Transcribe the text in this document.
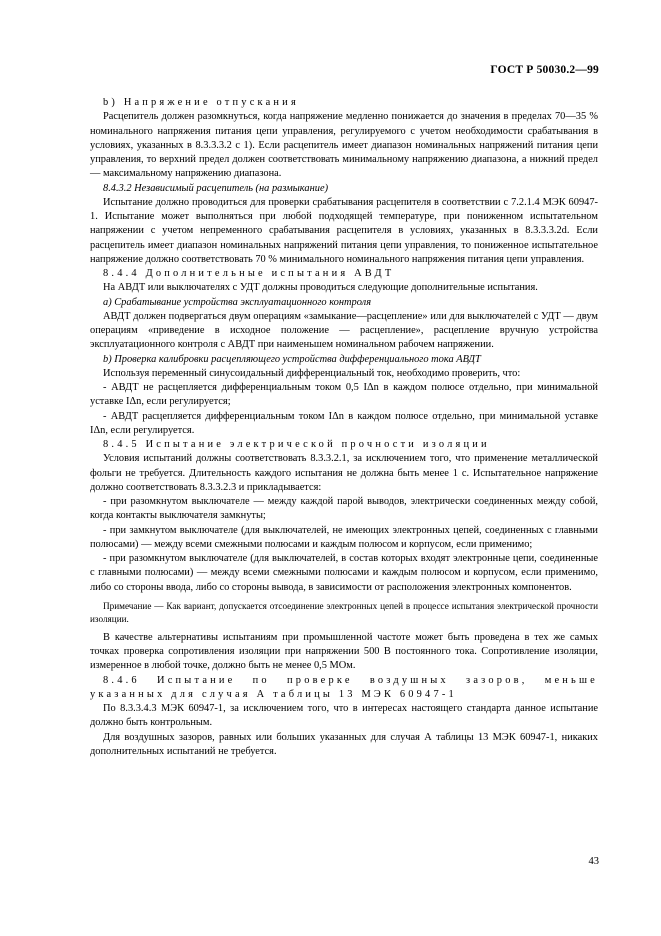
ГОСТ Р 50030.2—99

b) Напряжение отпускания

Расцепитель должен разомкнуться, когда напряжение медленно понижается до значения в пределах 70—35 % номинального напряжения питания цепи управления, регулируемого с учетом необходимости срабатывания в условиях, указанных в 8.3.3.3.2 с 1). Если расцепитель имеет диапазон номинальных напряжений питания цепи управления, то верхний предел должен соответствовать минимальному напряжению диапазона, а нижний предел — максимальному напряжению диапазона.

8.4.3.2 Независимый расцепитель (на размыкание)

Испытание должно проводиться для проверки срабатывания расцепителя в соответствии с 7.2.1.4 МЭК 60947-1. Испытание может выполняться при любой подходящей температуре, при пониженном испытательном напряжении с учетом непременного срабатывания расцепителя в условиях, указанных в 8.3.3.3.2d. Если расцепитель имеет диапазон номинальных напряжений питания цепи управления, то пониженное испытательное напряжение должно соответствовать 70 % минимального номинального напряжения питания цепи управления.

8.4.4 Дополнительные испытания АВДТ

На АВДТ или выключателях с УДТ должны проводиться следующие дополнительные испытания.

а) Срабатывание устройства эксплуатационного контроля

АВДТ должен подвергаться двум операциям «замыкание—расцепление» или для выключателей с УДТ — двум операциям «приведение в исходное положение — расцепление», расцепление вручную устройства эксплуатационного контроля с АВДТ при наименьшем номинальном рабочем напряжении.

b) Проверка калибровки расцепляющего устройства дифференциального тока АВДТ

Используя переменный синусоидальный дифференциальный ток, необходимо проверить, что:

- АВДТ не расцепляется дифференциальным током 0,5 IΔn в каждом полюсе отдельно, при минимальной уставке IΔn, если регулируется;

- АВДТ расцепляется дифференциальным током IΔn в каждом полюсе отдельно, при минимальной уставке IΔn, если регулируется.

8.4.5 Испытание электрической прочности изоляции

Условия испытаний должны соответствовать 8.3.3.2.1, за исключением того, что применение металлической фольги не требуется. Длительность каждого испытания не должна быть менее 1 с. Испытательное напряжение должно соответствовать 8.3.3.2.3 и прикладывается:

- при разомкнутом выключателе — между каждой парой выводов, электрически соединенных между собой, когда контакты выключателя замкнуты;

- при замкнутом выключателе (для выключателей, не имеющих электронных цепей, соединенных с главными полюсами) — между всеми смежными полюсами и каждым полюсом и корпусом, если применимо;

- при разомкнутом выключателе (для выключателей, в состав которых входят электронные цепи, соединенные с главными полюсами) — между всеми смежными полюсами и каждым полюсом и корпусом, если применимо, либо со стороны ввода, либо со стороны вывода, в зависимости от расположения электронных компонентов.

Примечание — Как вариант, допускается отсоединение электронных цепей в процессе испытания электрической прочности изоляции.

В качестве альтернативы испытаниям при промышленной частоте может быть проведена в тех же самых точках проверка сопротивления изоляции при напряжении 500 В постоянного тока. Сопротивление изоляции, измеренное в любой точке, должно быть не менее 0,5 МОм.

8.4.6 Испытание по проверке воздушных зазоров, меньше указанных для случая А таблицы 13 МЭК 60947-1

По 8.3.3.4.3 МЭК 60947-1, за исключением того, что в интересах настоящего стандарта данное испытание должно быть контрольным.

Для воздушных зазоров, равных или больших указанных для случая А таблицы 13 МЭК 60947-1, никаких дополнительных испытаний не требуется.

43
